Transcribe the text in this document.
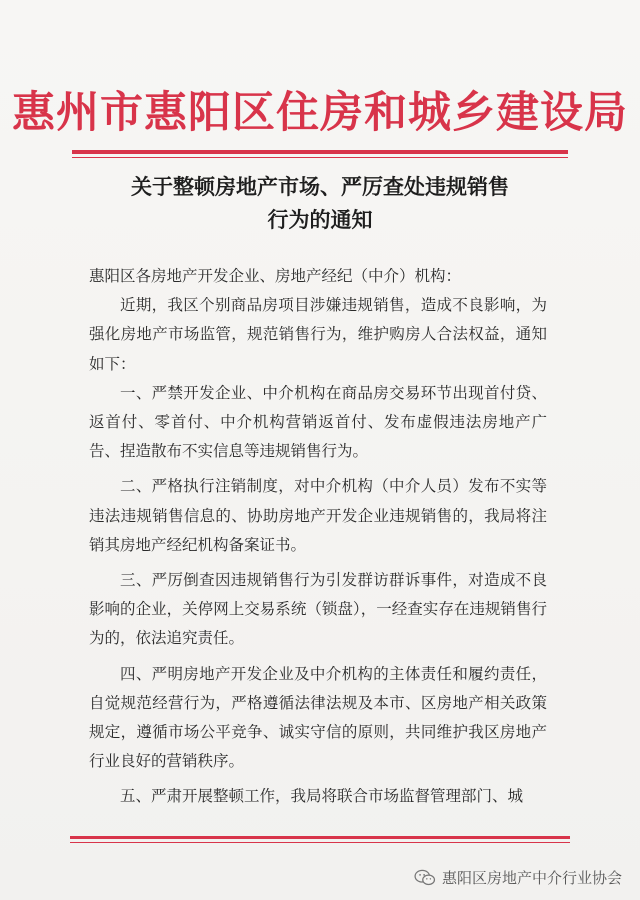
惠州市惠阳区住房和城乡建设局
关于整顿房地产市场、严厉查处违规销售
行为的通知

惠阳区各房地产开发企业、房地产经纪（中介）机构：

近期，我区个别商品房项目涉嫌违规销售，造成不良影响，为强化房地产市场监管，规范销售行为，维护购房人合法权益，通知如下：

一、严禁开发企业、中介机构在商品房交易环节出现首付贷、返首付、零首付、中介机构营销返首付、发布虚假违法房地产广告、捏造散布不实信息等违规销售行为。

二、严格执行注销制度，对中介机构（中介人员）发布不实等违法违规销售信息的、协助房地产开发企业违规销售的，我局将注销其房地产经纪机构备案证书。

三、严厉倒查因违规销售行为引发群访群诉事件，对造成不良影响的企业，关停网上交易系统（锁盘），一经查实存在违规销售行为的，依法追究责任。

四、严明房地产开发企业及中介机构的主体责任和履约责任，自觉规范经营行为，严格遵循法律法规及本市、区房地产相关政策规定，遵循市场公平竞争、诚实守信的原则，共同维护我区房地产行业良好的营销秩序。

五、严肃开展整顿工作，我局将联合市场监督管理部门、城

惠阳区房地产中介行业协会
